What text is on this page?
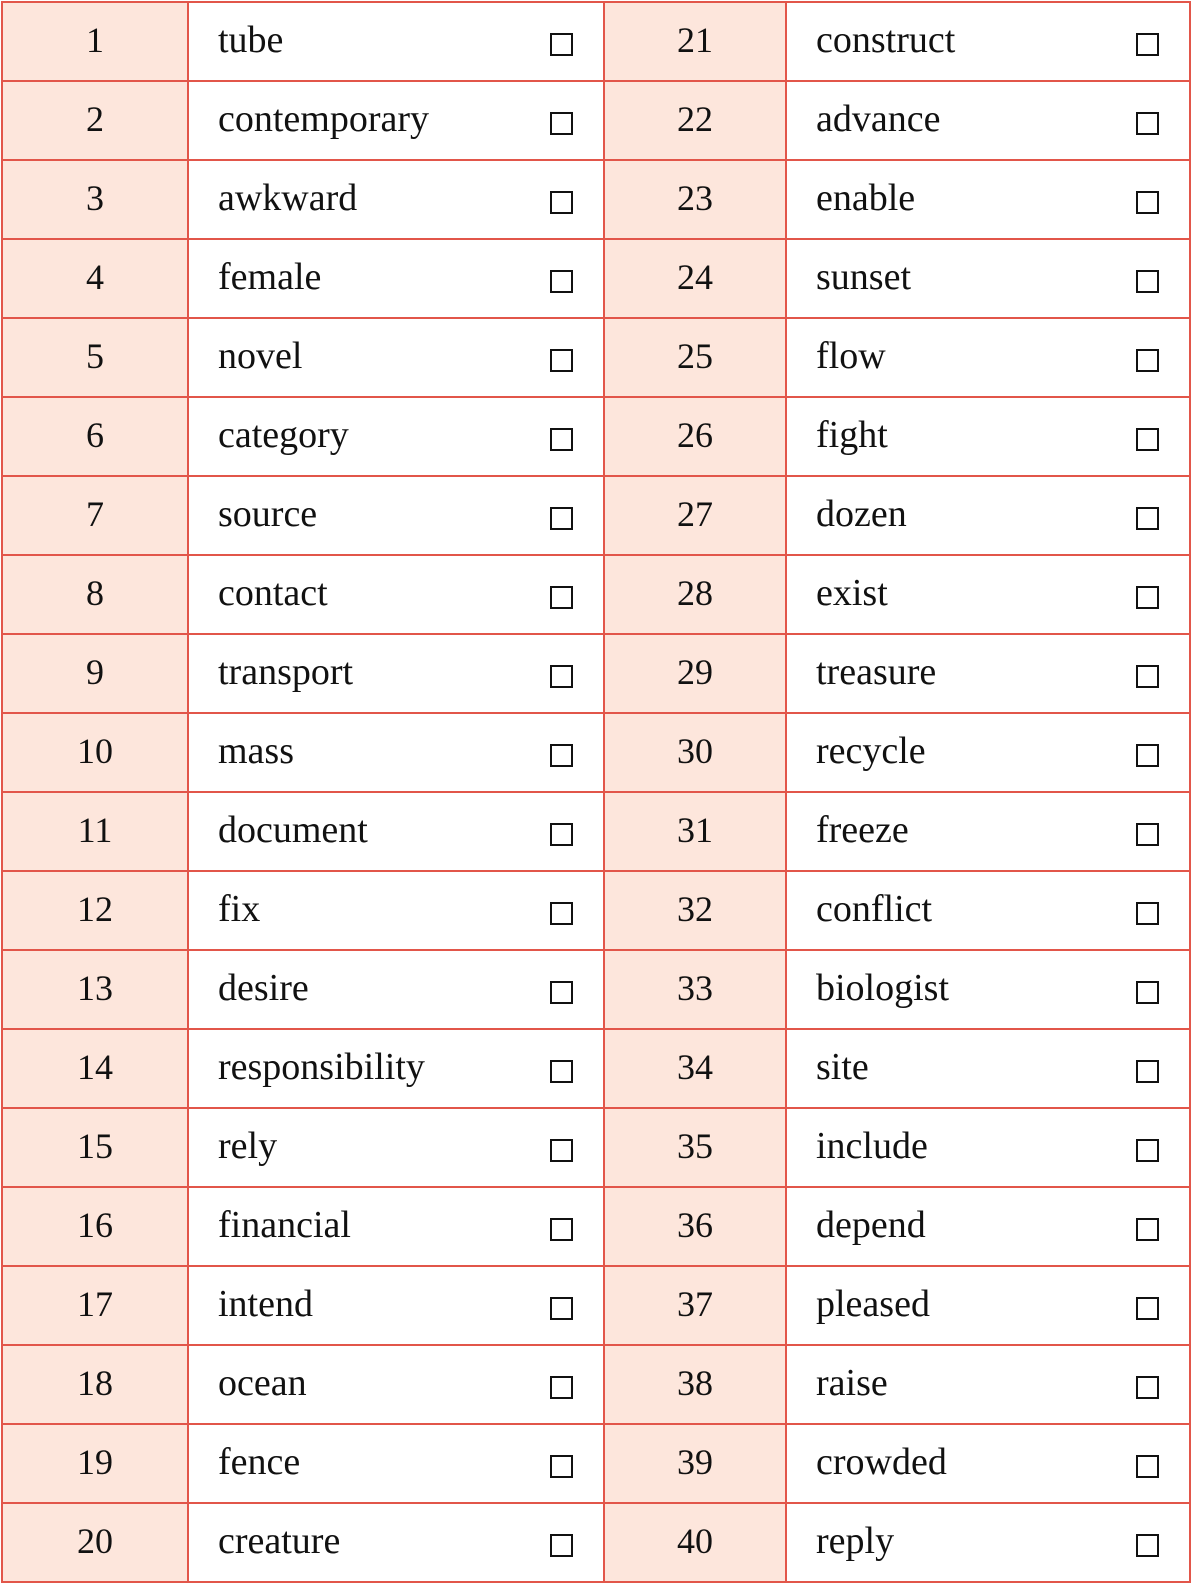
1	tube	21	construct

2	contemporary	22	advance

3	awkward	23	enable

4	female	24	sunset

5	novel	25	flow

6	category	26	fight

7	source	27	dozen

8	contact	28	exist

9	transport	29	treasure

10	mass	30	recycle

11	document	31	freeze

12	fix	32	conflict

13	desire	33	biologist

14	responsibility	34	site

15	rely	35	include

16	financial	36	depend

17	intend	37	pleased

18	ocean	38	raise

19	fence	39	crowded

20	creature	40	reply
